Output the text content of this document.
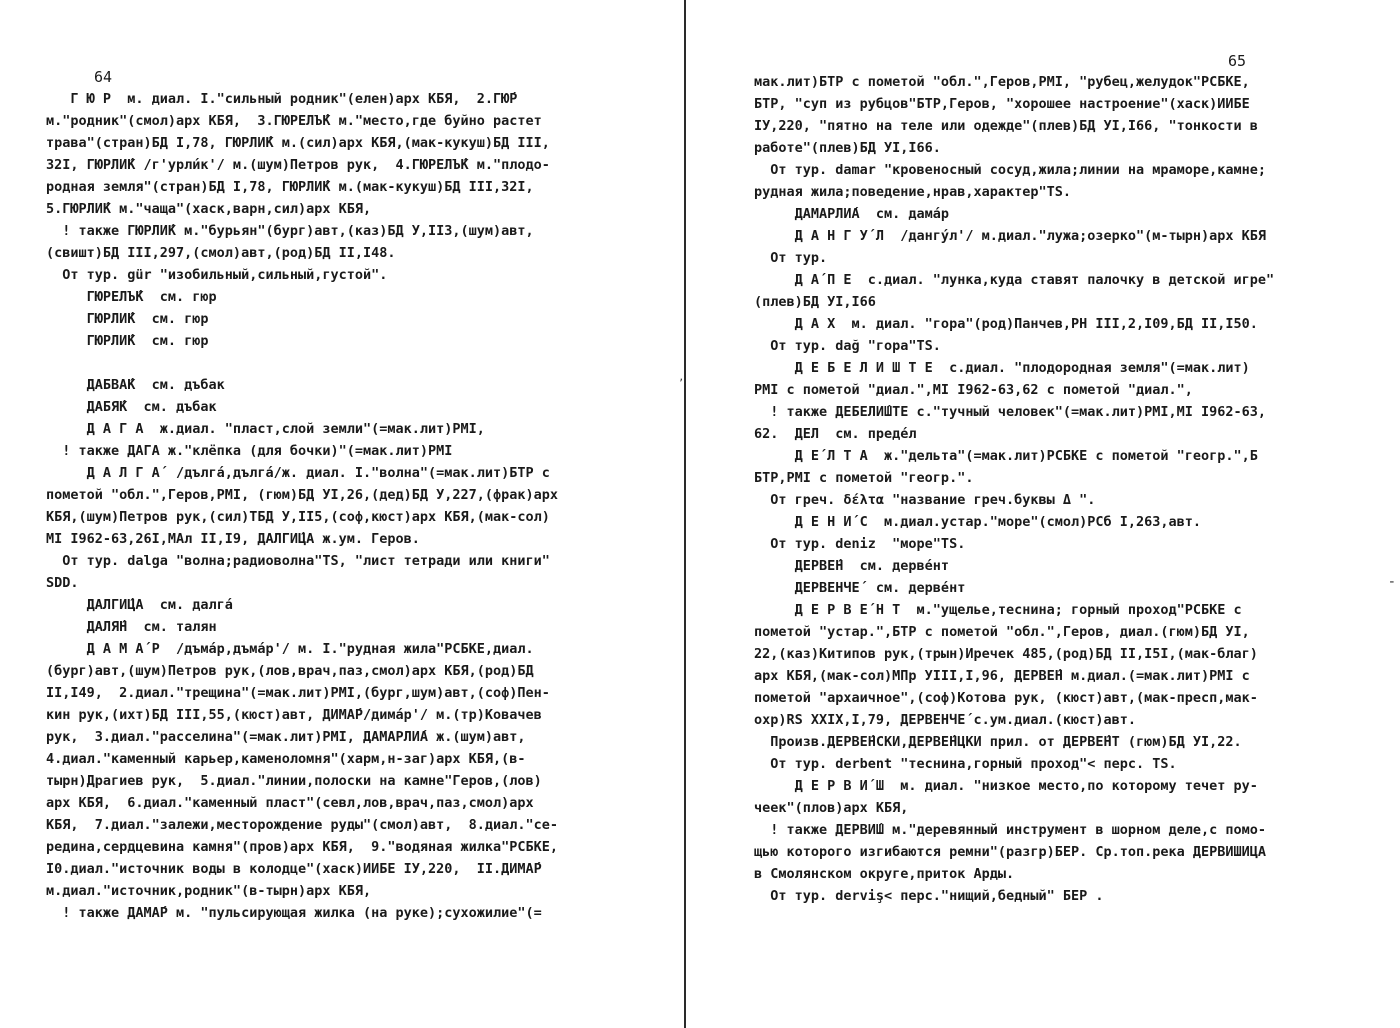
64
Г Ю Р  м. диал. I."сильный родник"(елен)арх КБЯ,  2.ГЮ́Р
м."родник"(смол)арх КБЯ,  3.ГЮРЕЛЪ́К м."место,где буйно растет
трава"(стран)БД I,78, ГЮРЛИ́К м.(сил)арх КБЯ,(мак-кукуш)БД III,
32I, ГЮРЛИ́К /г'урли́к'/ м.(шум)Петров рук,  4.ГЮРЕЛЪ́К м."плодо-
родная земля"(стран)БД I,78, ГЮРЛИ́К м.(мак-кукуш)БД III,32I,
5.ГЮРЛИ́К м."чаща"(хаск,варн,сил)арх КБЯ,
! также ГЮРЛИ́К м."бурьян"(бург)авт,(каз)БД У,II3,(шум)авт,
(свишт)БД III,297,(смол)авт,(род)БД II,I48.
От тур. gür "изобильный,сильный,густой".
ГЮРЕЛЪ́К  см. гюр
ГЮРЛИ́К  см. гюр
ГЮРЛИ́К  см. гюр
ДАБВА́К  см. дъбак
ДАБЯ́К  см. дъбак
Д А Г А  ж.диал. "пласт,слой земли"(=мак.лит)РМI,
! также ДАГА ж."клёпка (для бочки)"(=мак.лит)РМI
Д А Л Г А́  /дълга́,дълга́/ж. диал. I."волна"(=мак.лит)БТР с
пометой "обл.",Геров,РМI, (гюм)БД УI,26,(дед)БД У,227,(фрак)арх
КБЯ,(шум)Петров рук,(сил)ТБД У,II5,(соф,кюст)арх КБЯ,(мак-сол)
МI I962-63,26I,МАл II,I9, ДАЛГИ́ЦА ж.ум. Геров.
От тур. dalga "волна;радиоволна"TS, "лист тетради или книги"
SDD.
ДАЛГИ́ЦА  см. далга́
ДАЛЯ́Н  см. талян
Д А М А́ Р  /дъма́р,дъма́р'/ м. I."рудная жила"РСБКЕ,диал.
(бург)авт,(шум)Петров рук,(лов,врач,паз,смол)арх КБЯ,(род)БД
II,I49,  2.диал."трещина"(=мак.лит)РМI,(бург,шум)авт,(соф)Пен-
кин рук,(ихт)БД III,55,(кюст)авт, ДИМА́Р/дима́р'/ м.(тр)Ковачев
рук,  3.диал."расселина"(=мак.лит)РМI, ДАМАРЛИ́А ж.(шум)авт,
4.диал."каменный карьер,каменоломня"(харм,н-заг)арх КБЯ,(в-
тырн)Драгиев рук,  5.диал."линии,полоски на камне"Геров,(лов)
арх КБЯ,  6.диал."каменный пласт"(севл,лов,врач,паз,смол)арх
КБЯ,  7.диал."залежи,месторождение руды"(смол)авт,  8.диал."се-
редина,сердцевина камня"(пров)арх КБЯ,  9."водяная жилка"РСБКЕ,
I0.диал."источник воды в колодце"(хаск)ИИБЕ IУ,220,  II.ДИМА́Р
м.диал."источник,родник"(в-тырн)арх КБЯ,
! также ДАМА́Р м. "пульсирующая жилка (на руке);сухожилие"(=
ʼ
65
мак.лит)БТР с пометой "обл.",Геров,РМI, "рубец,желудок"РСБКЕ,
БТР, "суп из рубцов"БТР,Геров, "хорошее настроение"(хаск)ИИБЕ
IУ,220, "пятно на теле или одежде"(плев)БД УI,I66, "тонкости в
работе"(плев)БД УI,I66.
От тур. damar "кровеносный сосуд,жила;линии на мраморе,камне;
рудная жила;поведение,нрав,характер"TS.
ДАМАРЛИ́А  см. дама́р
Д А Н Г У́ Л  /дангу́л'/ м.диал."лужа;озерко"(м-тырн)арх КБЯ
От тур.
Д А́ П Е  с.диал. "лунка,куда ставят палочку в детской игре"
(плев)БД УI,I66
Д А Х  м. диал. "гора"(род)Панчев,РН III,2,I09,БД II,I50.
От тур. dağ "гора"TS.
Д Е Б Е Л И Ш Т Е  с.диал. "плодородная земля"(=мак.лит)
РМI с пометой "диал.",МI I962-63,62 с пометой "диал.",
! также ДЕБЕЛИ́ШТЕ с."тучный человек"(=мак.лит)РМI,МI I962-63,
62.  ДЕЛ  см. преде́л
Д Е́ Л Т А  ж."дельта"(=мак.лит)РСБКЕ с пометой "геогр.",Б
БТР,РМI с пометой "геогр.".
От греч. δέλτα "название греч.буквы Δ ".
Д Е Н И́ С  м.диал.устар."море"(смол)РСб I,263,авт.
От тур. deniz  "море"TS.
ДЕРВЕ́Н  см. дерве́нт
ДЕРВЕНЧЕ́  см. дерве́нт
Д Е Р В Е́ Н Т  м."ущелье,теснина; горный проход"РСБКЕ с
пометой "устар.",БТР с пометой "обл.",Геров, диал.(гюм)БД УI,
22,(каз)Китипов рук,(трын)Иречек 485,(род)БД II,I5I,(мак-благ)
арх КБЯ,(мак-сол)МПр УIII,I,96, ДЕРВЕ́Н м.диал.(=мак.лит)РМI с
пометой "архаичное",(соф)Котова рук, (кюст)авт,(мак-пресп,мак-
охр)RS XXIX,I,79, ДЕРВЕНЧЕ́ с.ум.диал.(кюст)авт.
Произв.ДЕРВЕ́НСКИ,ДЕРВЕ́НЦКИ прил. от ДЕРВЕ́НТ (гюм)БД УI,22.
От тур. derbent "теснина,горный проход"< перс. TS.
Д Е Р В И́ Ш  м. диал. "низкое место,по которому течет ру-
чеек"(плов)арх КБЯ,
! также ДЕРВИ́Ш м."деревянный инструмент в шорном деле,с помо-
щью которого изгибаются ремни"(разгр)БЕР. Ср.топ.река ДЕРВИШИЦА
в Смолянском округе,приток Арды.
От тур. derviş< перс."нищий,бедный" БЕР .
-
